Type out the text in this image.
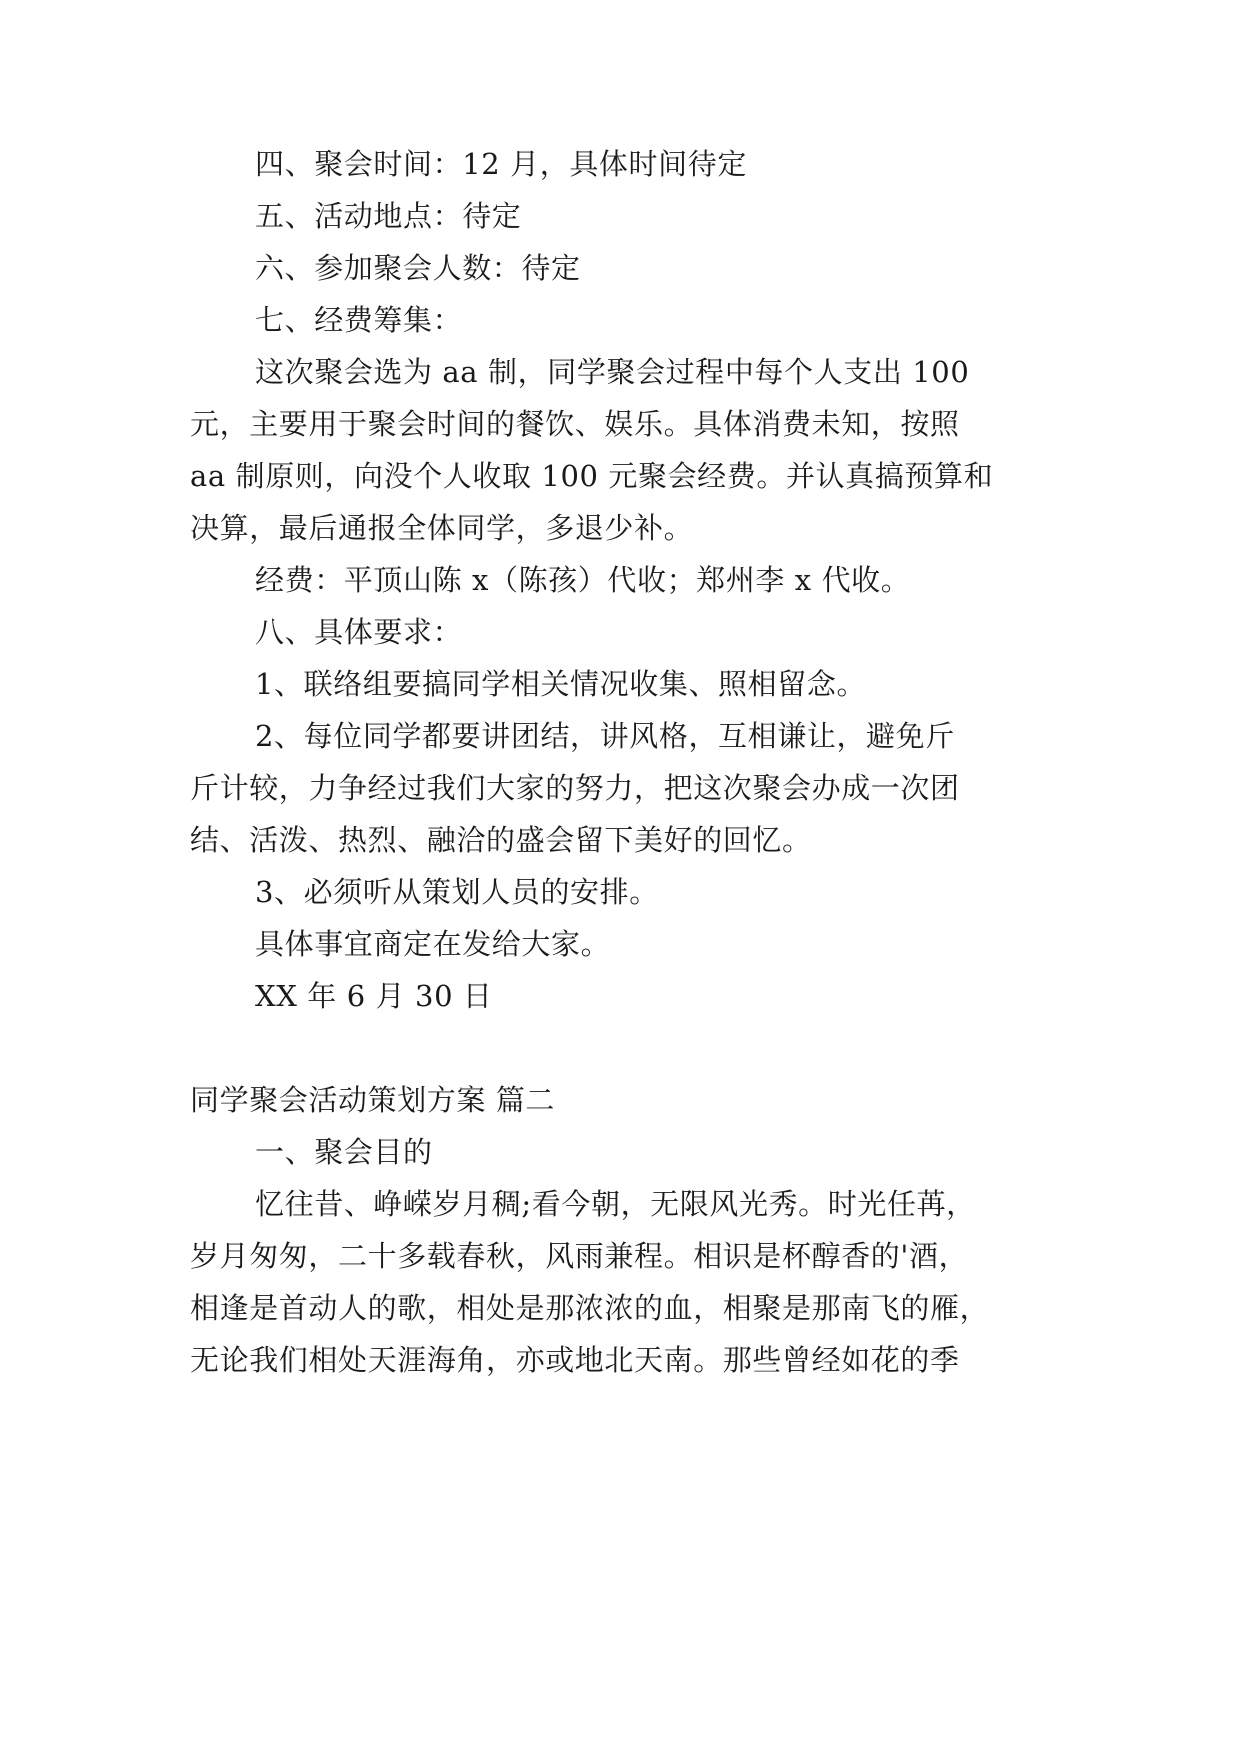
四、聚会时间：12 月，具体时间待定
五、活动地点：待定
六、参加聚会人数：待定
七、经费筹集：
这次聚会选为 aa 制，同学聚会过程中每个人支出 100
元，主要用于聚会时间的餐饮、娱乐。具体消费未知，按照
aa 制原则，向没个人收取 100 元聚会经费。并认真搞预算和
决算，最后通报全体同学，多退少补。
经费：平顶山陈 x（陈孩）代收；郑州李 x 代收。
八、具体要求：
1、联络组要搞同学相关情况收集、照相留念。
2、每位同学都要讲团结，讲风格，互相谦让，避免斤
斤计较，力争经过我们大家的努力，把这次聚会办成一次团
结、活泼、热烈、融洽的盛会留下美好的回忆。
3、必须听从策划人员的安排。
具体事宜商定在发给大家。
XX 年 6 月 30 日
同学聚会活动策划方案 篇二
一、聚会目的
忆往昔、峥嵘岁月稠;看今朝，无限风光秀。时光任苒，
岁月匆匆，二十多载春秋，风雨兼程。相识是杯醇香的'酒，
相逢是首动人的歌，相处是那浓浓的血，相聚是那南飞的雁，
无论我们相处天涯海角，亦或地北天南。那些曾经如花的季
